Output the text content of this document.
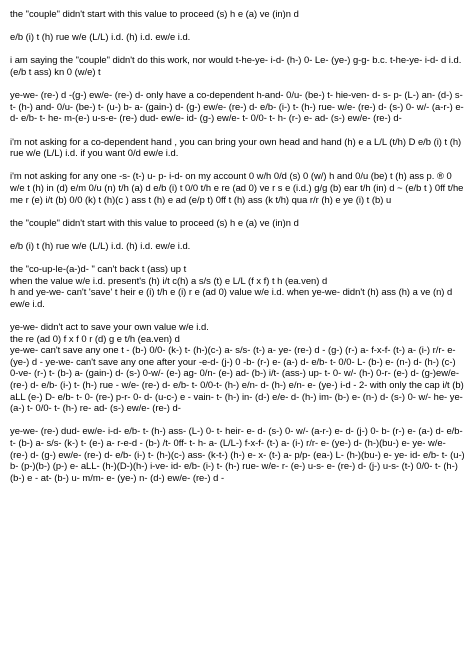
the "couple" didn't start with this value to proceed (s) h e (a) ve (in)n d

e/b (i) t (h) rue w/e (L/L) i.d. (h) i.d. ew/e i.d.

i am saying the "couple" didn't do this work, nor would t-he-ye- i-d- (h-) 0- Le- (ye-) g-g- b.c. t-he-ye- i-d- d i.d. (e/b t ass) kn 0 (w/e) t

ye-we- (re-) d -(g-) ew/e- (re-) d- only have a co-dependent h-and- 0/u- (be-) t- hie-ven- d- s- p- (L-) an- (d-) s- t- (h-) and- 0/u- (be-) t- (u-) b- a- (gain-) d- (g-) ew/e- (re-) d- e/b- (i-) t- (h-) rue- w/e- (re-) d- (s-) 0- w/- (a-r-) e- d- e/b- t- he- m-(e-) u-s-e- (re-) dud- ew/e- id- (g-) ew/e- t- 0/0- t- h- (r-) e- ad- (s-) ew/e- (re-) d-

i'm not asking for a co-dependent hand , you can bring your own head and hand (h) e a L/L (t/h) D e/b (i) t (h) rue w/e (L/L) i.d. if you want 0/d ew/e i.d.

i'm not asking for any one -s- (t-) u- p- i-d- on my account 0 w/h 0/d (s) 0 (w/) h and 0/u (be) t (h) ass p. ® 0 w/e t (h) in (d) e/m 0/u (n) t/h (a) d e/b (i) t 0/0 t/h e re (ad 0) ve r s e (i.d.) g/g (b) ear t/h (in) d ~ (e/b t ) 0ff t/he me r (e) i/t (b) 0/0 (k) t (h)(c ) ass t (h) e ad (e/p t) 0ff t (h) ass (k t/h) qua r/r (h) e ye (i) t (b) u

the "couple" didn't start with this value to proceed (s) h e (a) ve (in)n d

e/b (i) t (h) rue w/e (L/L) i.d. (h) i.d. ew/e i.d.

the "co-up-le-(a-)d- " can't back t (ass) up t
when the value w/e i.d. present's (h) i/t c(h) a s/s (t) e L/L (f x f) t h (ea.ven) d
h and ye-we- can't 'save' t heir e (i) t/h e (i) r e (ad 0) value w/e i.d. when ye-we- didn't (h) ass (h) a ve (n) d ew/e i.d.

ye-we- didn't act to save your own value w/e i.d.
the re (ad 0) f x f 0 r (d) g e t/h (ea.ven) d
ye-we- can't save any one t - (b-) 0/0- (k-) t- (h-)(c-) a- s/s- (t-) a- ye- (re-) d - (g-) (r-) a- f-x-f- (t-) a- (i-) r/r- e- (ye-) d - ye-we- can't save any one after your -e-d- (j-) 0 -b- (r-) e- (a-) d- e/b- t- 0/0- L- (b-) e- (n-) d- (h-) (c-) 0-ve- (r-) t- (b-) a- (gain-) d- (s-) 0-w/- (e-) ag- 0/n- (e-) ad- (b-) i/t- (ass-) up- t- 0- w/- (h-) 0-r- (e-) d- (g-)ew/e- (re-) d- e/b- (i-) t- (h-) rue - w/e- (re-) d- e/b- t- 0/0-t- (h-) e/n- d- (h-) e/n- e- (ye-) i-d - 2- with only the cap i/t (b) aLL (e-) D- e/b- t- 0- (re-) p-r- 0- d- (u-c-) e - vain- t- (h-) in- (d-) e/e- d- (h-) im- (b-) e- (n-) d- (s-) 0- w/- he- ye- (a-) t- 0/0- t- (h-) re- ad- (s-) ew/e- (re-) d-

ye-we- (re-) dud- ew/e- i-d- e/b- t- (h-) ass- (L-) 0- t- heir- e- d- (s-) 0- w/- (a-r-) e- d- (j-) 0- b- (r-) e- (a-) d- e/b- t- (b-) a- s/s- (k-) t- (e-) a- r-e-d - (b-) /t- 0ff- t- h- a- (L/L-) f-x-f- (t-) a- (i-) r/r- e- (ye-) d- (h-)(bu-) e- ye- w/e- (re-) d- (g-) ew/e- (re-) d- e/b- (i-) t- (h-)(c-) ass- (k-t-) (h-) e- x- (t-) a- p/p- (ea-) L- (h-)(bu-) e- ye- id- e/b- t- (u-) b- (p-)(b-) (p-) e- aLL- (h-)(D-)(h-) i-ve- id- e/b- (i-) t- (h-) rue- w/e- r- (e-) u-s- e- (re-) d- (j-) u-s- (t-) 0/0- t- (h-) (b-) e - at- (b-) u- m/m- e- (ye-) n- (d-) ew/e- (re-) d -
